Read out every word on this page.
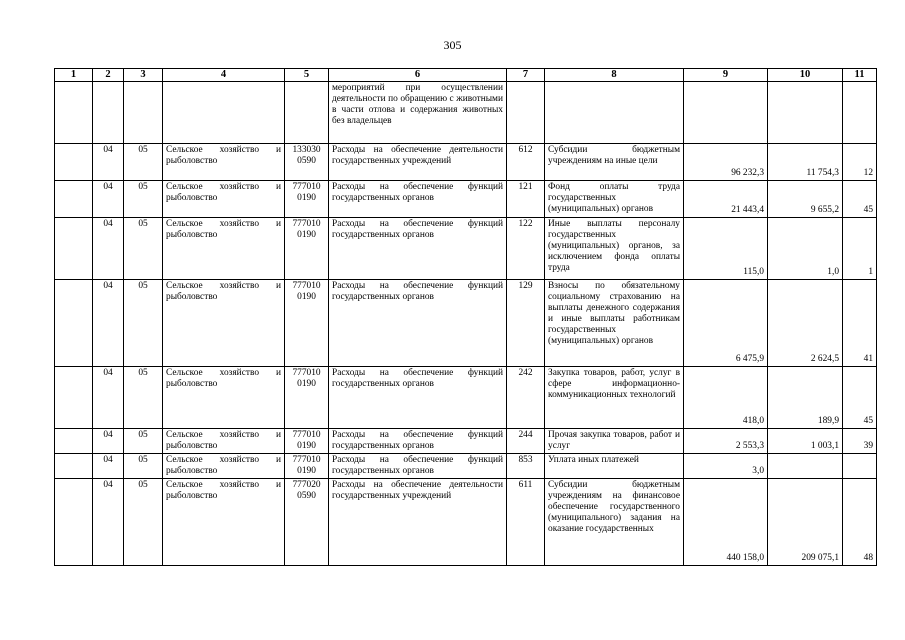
305
1	2	3	4	5	6	7	8	9	10	11
					мероприятий при осуществлении деятельности по обращению с животными в части отлова и содержания животных без владельцев					
	04	05	Сельское хозяйство и рыболовство	133030 0590	Расходы на обеспечение деятельности государственных учреждений	612	Субсидии бюджетным учреждениям на иные цели	96 232,3	11 754,3	12
	04	05	Сельское хозяйство и рыболовство	777010 0190	Расходы на обеспечение функций государственных органов	121	Фонд оплаты труда государственных (муниципальных) органов	21 443,4	9 655,2	45
	04	05	Сельское хозяйство и рыболовство	777010 0190	Расходы на обеспечение функций государственных органов	122	Иные выплаты персоналу государственных (муниципальных) органов, за исключением фонда оплаты труда	115,0	1,0	1
	04	05	Сельское хозяйство и рыболовство	777010 0190	Расходы на обеспечение функций государственных органов	129	Взносы по обязательному социальному страхованию на выплаты денежного содержания и иные выплаты работникам государственных (муниципальных) органов	6 475,9	2 624,5	41
	04	05	Сельское хозяйство и рыболовство	777010 0190	Расходы на обеспечение функций государственных органов	242	Закупка товаров, работ, услуг в сфере информационно-коммуникационных технологий	418,0	189,9	45
	04	05	Сельское хозяйство и рыболовство	777010 0190	Расходы на обеспечение функций государственных органов	244	Прочая закупка товаров, работ и услуг	2 553,3	1 003,1	39
	04	05	Сельское хозяйство и рыболовство	777010 0190	Расходы на обеспечение функций государственных органов	853	Уплата иных платежей	3,0		
	04	05	Сельское хозяйство и рыболовство	777020 0590	Расходы на обеспечение деятельности государственных учреждений	611	Субсидии бюджетным учреждениям на финансовое обеспечение государственного (муниципального) задания на оказание государственных	440 158,0	209 075,1	48
